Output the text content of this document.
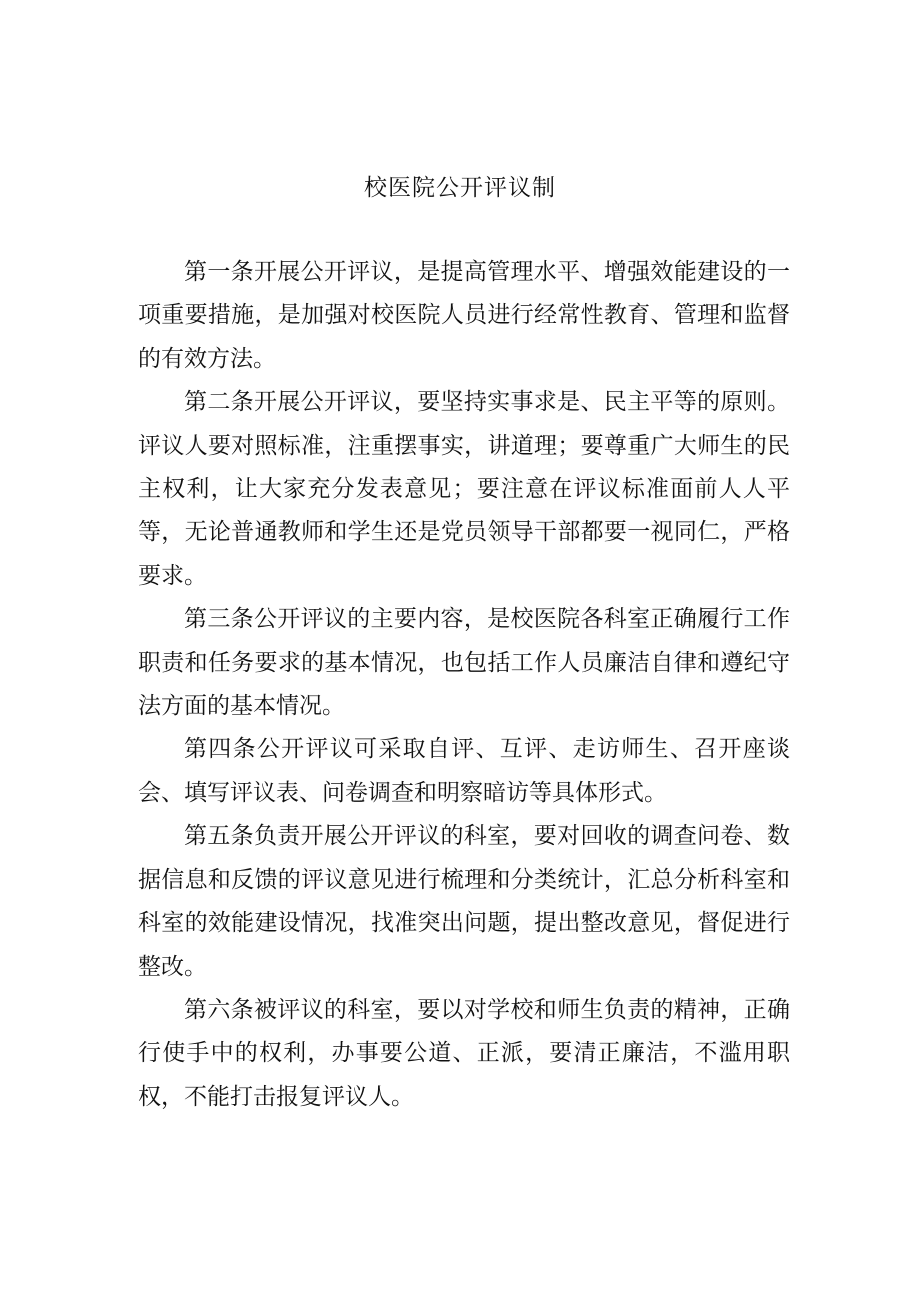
校医院公开评议制

第一条开展公开评议，是提高管理水平、增强效能建设的一项重要措施，是加强对校医院人员进行经常性教育、管理和监督的有效方法。

第二条开展公开评议，要坚持实事求是、民主平等的原则。评议人要对照标准，注重摆事实，讲道理；要尊重广大师生的民主权利，让大家充分发表意见；要注意在评议标准面前人人平等，无论普通教师和学生还是党员领导干部都要一视同仁，严格要求。

第三条公开评议的主要内容，是校医院各科室正确履行工作职责和任务要求的基本情况，也包括工作人员廉洁自律和遵纪守法方面的基本情况。

第四条公开评议可采取自评、互评、走访师生、召开座谈会、填写评议表、问卷调查和明察暗访等具体形式。

第五条负责开展公开评议的科室，要对回收的调查问卷、数据信息和反馈的评议意见进行梳理和分类统计，汇总分析科室和科室的效能建设情况，找准突出问题，提出整改意见，督促进行整改。

第六条被评议的科室，要以对学校和师生负责的精神，正确行使手中的权利，办事要公道、正派，要清正廉洁，不滥用职权，不能打击报复评议人。
